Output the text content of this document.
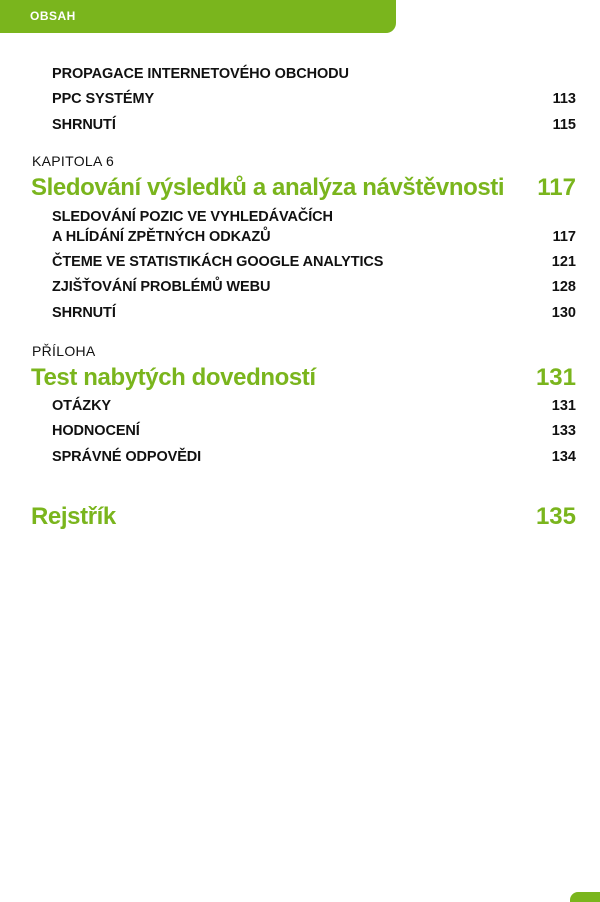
OBSAH
PROPAGACE INTERNETOVÉHO OBCHODU
PPC SYSTÉMY	113
SHRNUTÍ	115
KAPITOLA 6
Sledování výsledků a analýza návštěvnosti 117
SLEDOVÁNÍ POZIC VE VYHLEDÁVAČÍCH
A HLÍDÁNÍ ZPĚTNÝCH ODKAZŮ	117
ČTEME VE STATISTIKÁCH GOOGLE ANALYTICS	121
ZJIŠŤOVÁNÍ PROBLÉMŮ WEBU	128
SHRNUTÍ	130
PŘÍLOHA
Test nabytých dovedností	131
OTÁZKY	131
HODNOCENÍ	133
SPRÁVNÉ ODPOVĚDI	134
Rejstřík	135
